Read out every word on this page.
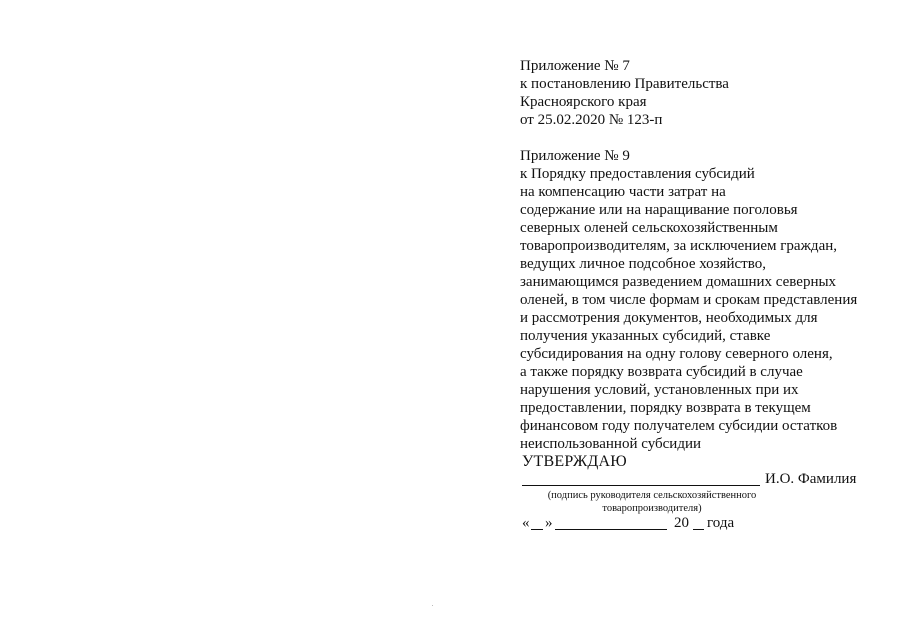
Приложение № 7
к постановлению Правительства
Красноярского края
от 25.02.2020 № 123-п
Приложение № 9
к Порядку предоставления субсидий
на компенсацию части затрат на
содержание или на наращивание поголовья
северных оленей сельскохозяйственным
товаропроизводителям, за исключением граждан,
ведущих личное подсобное хозяйство,
занимающимся разведением домашних северных
оленей, в том числе формам и срокам представления
и рассмотрения документов, необходимых для
получения указанных субсидий, ставке
субсидирования на одну голову северного оленя,
а также порядку возврата субсидий в случае
нарушения условий, установленных при их
предоставлении, порядку возврата в текущем
финансовом году получателем субсидии остатков
неиспользованной субсидии
УТВЕРЖДАЮ
И.О. Фамилия
(подпись руководителя сельскохозяйственного
товаропроизводителя)
« »	20 года
